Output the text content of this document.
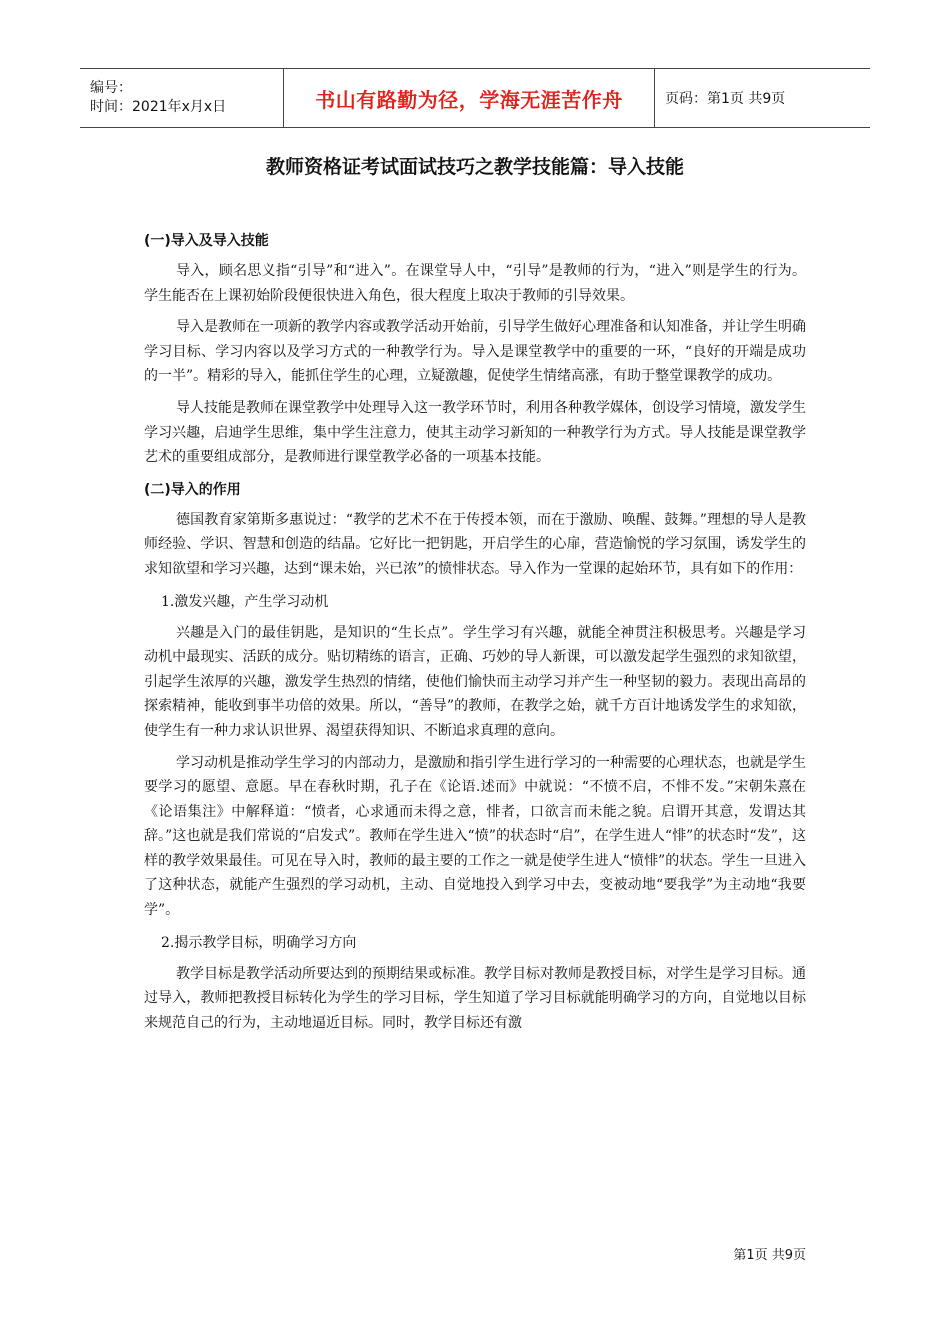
编号：
时间：2021年x月x日	书山有路勤为径，学海无涯苦作舟	页码：第1页 共9页
教师资格证考试面试技巧之教学技能篇：导入技能
(一)导入及导入技能

导入，顾名思义指“引导”和“进入”。在课堂导人中，“引导”是教师的行为，“进入”则是学生的行为。学生能否在上课初始阶段便很快进入角色，很大程度上取决于教师的引导效果。

导入是教师在一项新的教学内容或教学活动开始前，引导学生做好心理准备和认知准备，并让学生明确学习目标、学习内容以及学习方式的一种教学行为。导入是课堂教学中的重要的一环，“良好的开端是成功的一半”。精彩的导入，能抓住学生的心理，立疑激趣，促使学生情绪高涨，有助于整堂课教学的成功。

导人技能是教师在课堂教学中处理导入这一教学环节时，利用各种教学媒体，创设学习情境，激发学生学习兴趣，启迪学生思维，集中学生注意力，使其主动学习新知的一种教学行为方式。导人技能是课堂教学艺术的重要组成部分，是教师进行课堂教学必备的一项基本技能。

(二)导入的作用

德国教育家第斯多惠说过：“教学的艺术不在于传授本领，而在于激励、唤醒、鼓舞。”理想的导人是教师经验、学识、智慧和创造的结晶。它好比一把钥匙，开启学生的心扉，营造愉悦的学习氛围，诱发学生的求知欲望和学习兴趣，达到“课未始，兴已浓”的愤悱状态。导入作为一堂课的起始环节，具有如下的作用：

1.激发兴趣，产生学习动机

兴趣是入门的最佳钥匙，是知识的“生长点”。学生学习有兴趣，就能全神贯注积极思考。兴趣是学习动机中最现实、活跃的成分。贴切精练的语言，正确、巧妙的导人新课，可以激发起学生强烈的求知欲望，引起学生浓厚的兴趣，激发学生热烈的情绪，使他们愉快而主动学习并产生一种坚韧的毅力。表现出高昂的探索精神，能收到事半功倍的效果。所以，“善导”的教师，在教学之始，就千方百计地诱发学生的求知欲，使学生有一种力求认识世界、渴望获得知识、不断追求真理的意向。

学习动机是推动学生学习的内部动力，是激励和指引学生进行学习的一种需要的心理状态，也就是学生要学习的愿望、意愿。早在春秋时期，孔子在《论语.述而》中就说：“不愤不启，不悱不发。”宋朝朱熹在《论语集注》中解释道：“愤者，心求通而未得之意，悱者，口欲言而未能之貌。启谓开其意，发谓达其辞。”这也就是我们常说的“启发式”。教师在学生进入“愤”的状态时“启”，在学生进人“悱”的状态时“发”，这样的教学效果最佳。可见在导入时，教师的最主要的工作之一就是使学生进人“愤悱”的状态。学生一旦进入了这种状态，就能产生强烈的学习动机，主动、自觉地投入到学习中去，变被动地“要我学”为主动地“我要学”。

2.揭示教学目标，明确学习方向

教学目标是教学活动所要达到的预期结果或标准。教学目标对教师是教授目标，对学生是学习目标。通过导入，教师把教授目标转化为学生的学习目标，学生知道了学习目标就能明确学习的方向，自觉地以目标来规范自己的行为，主动地逼近目标。同时，教学目标还有激

第1页 共9页
